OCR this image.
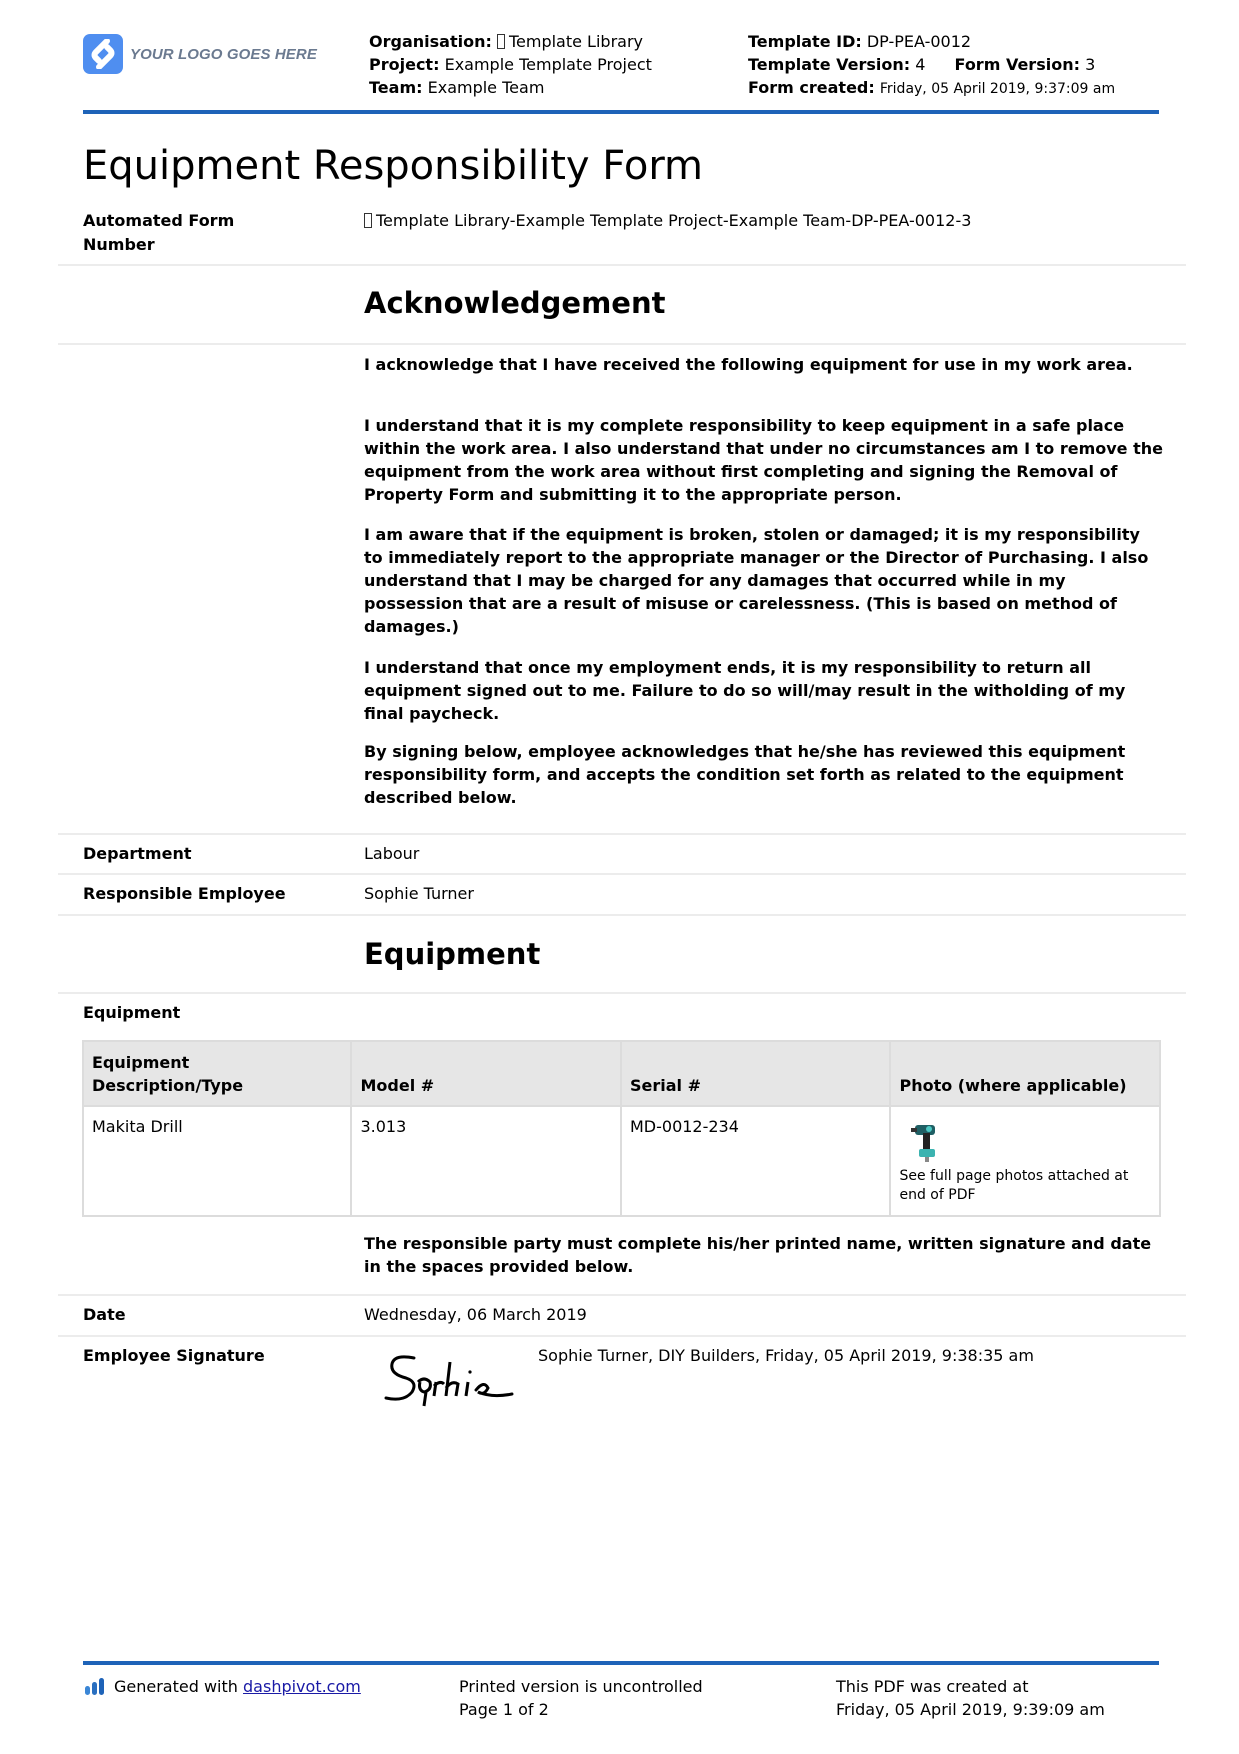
YOUR LOGO GOES HERE
Organisation: Template Library
Project: Example Template Project
Team: Example Team
Template ID: DP-PEA-0012
Template Version: 4 Form Version: 3
Form created: Friday, 05 April 2019, 9:37:09 am
Equipment Responsibility Form
Automated Form Number
Template Library-Example Template Project-Example Team-DP-PEA-0012-3
Acknowledgement

I acknowledge that I have received the following equipment for use in my work area.

I understand that it is my complete responsibility to keep equipment in a safe place within the work area. I also understand that under no circumstances am I to remove the equipment from the work area without first completing and signing the Removal of Property Form and submitting it to the appropriate person.

I am aware that if the equipment is broken, stolen or damaged; it is my responsibility to immediately report to the appropriate manager or the Director of Purchasing. I also understand that I may be charged for any damages that occurred while in my possession that are a result of misuse or carelessness. (This is based on method of damages.)

I understand that once my employment ends, it is my responsibility to return all equipment signed out to me. Failure to do so will/may result in the witholding of my final paycheck.

By signing below, employee acknowledges that he/she has reviewed this equipment responsibility form, and accepts the condition set forth as related to the equipment described below.

Department	Labour
Responsible Employee	Sophie Turner
Equipment
Equipment
Equipment Description/Type	Model #	Serial #	Photo (where applicable)
Makita Drill	3.013	MD-0012-234	See full page photos attached at end of PDF

The responsible party must complete his/her printed name, written signature and date in the spaces provided below.

Date	Wednesday, 06 March 2019
Employee Signature	Sophie Turner, DIY Builders, Friday, 05 April 2019, 9:38:35 am
Generated with
dashpivot.com	Printed version is uncontrolled
Page 1 of 2
This PDF was created at
Friday, 05 April 2019, 9:39:09 am
